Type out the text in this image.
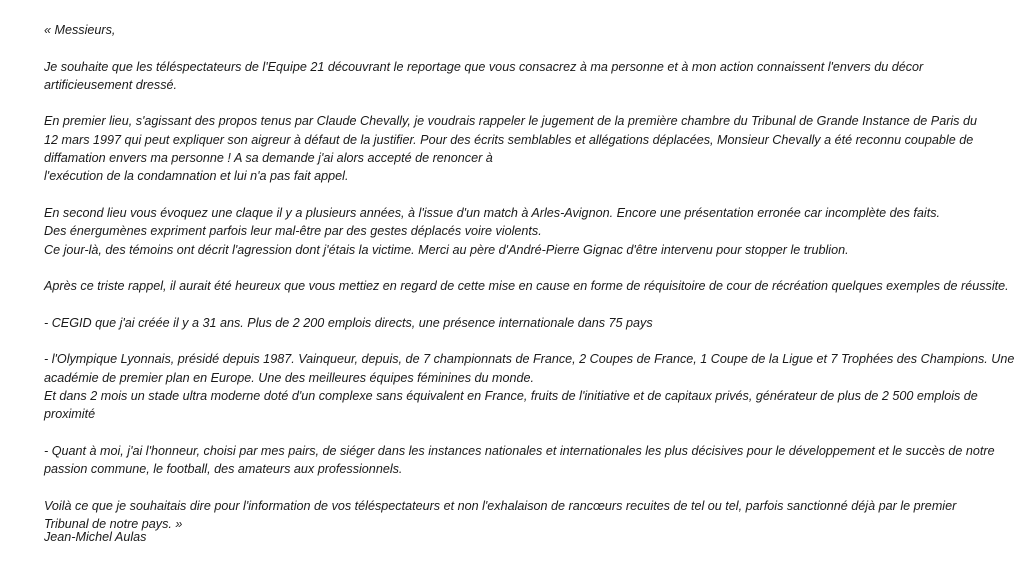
« Messieurs,

Je souhaite que les téléspectateurs de l'Equipe 21 découvrant le reportage que vous consacrez à ma personne et à mon action connaissent l'envers du décor
artificieusement dressé.

En premier lieu, s'agissant des propos tenus par Claude Chevally, je voudrais rappeler le jugement de la première chambre du Tribunal de Grande Instance de Paris du
12 mars 1997 qui peut expliquer son aigreur à défaut de la justifier. Pour des écrits semblables et allégations déplacées, Monsieur Chevally a été reconnu coupable de
diffamation envers ma personne ! A sa demande j'ai alors accepté de renoncer à
l'exécution de la condamnation et lui n'a pas fait appel.

En second lieu vous évoquez une claque il y a plusieurs années, à l'issue d'un match à Arles-Avignon. Encore une présentation erronée car incomplète des faits.
Des énergumènes expriment parfois leur mal-être par des gestes déplacés voire violents.
Ce jour-là, des témoins ont décrit l'agression dont j'étais la victime. Merci au père d'André-Pierre Gignac d'être intervenu pour stopper le trublion.

Après ce triste rappel, il aurait été heureux que vous mettiez en regard de cette mise en cause en forme de réquisitoire de cour de récréation quelques exemples de réussite.

- CEGID que j'ai créée il y a 31 ans. Plus de 2 200 emplois directs, une présence internationale dans 75 pays

- l'Olympique Lyonnais, présidé depuis 1987. Vainqueur, depuis, de 7 championnats de France, 2 Coupes de France, 1 Coupe de la Ligue et 7 Trophées des Champions. Une
académie de premier plan en Europe. Une des meilleures équipes féminines du monde.
Et dans 2 mois un stade ultra moderne doté d'un complexe sans équivalent en France, fruits de l'initiative et de capitaux privés, générateur de plus de 2 500 emplois de
proximité

- Quant à moi, j'ai l'honneur, choisi par mes pairs, de siéger dans les instances nationales et internationales les plus décisives pour le développement et le succès de notre
passion commune, le football, des amateurs aux professionnels.

Voilà ce que je souhaitais dire pour l'information de vos téléspectateurs et non l'exhalaison de rancœurs recuites de tel ou tel, parfois sanctionné déjà par le premier
Tribunal de notre pays. »

Jean-Michel Aulas
